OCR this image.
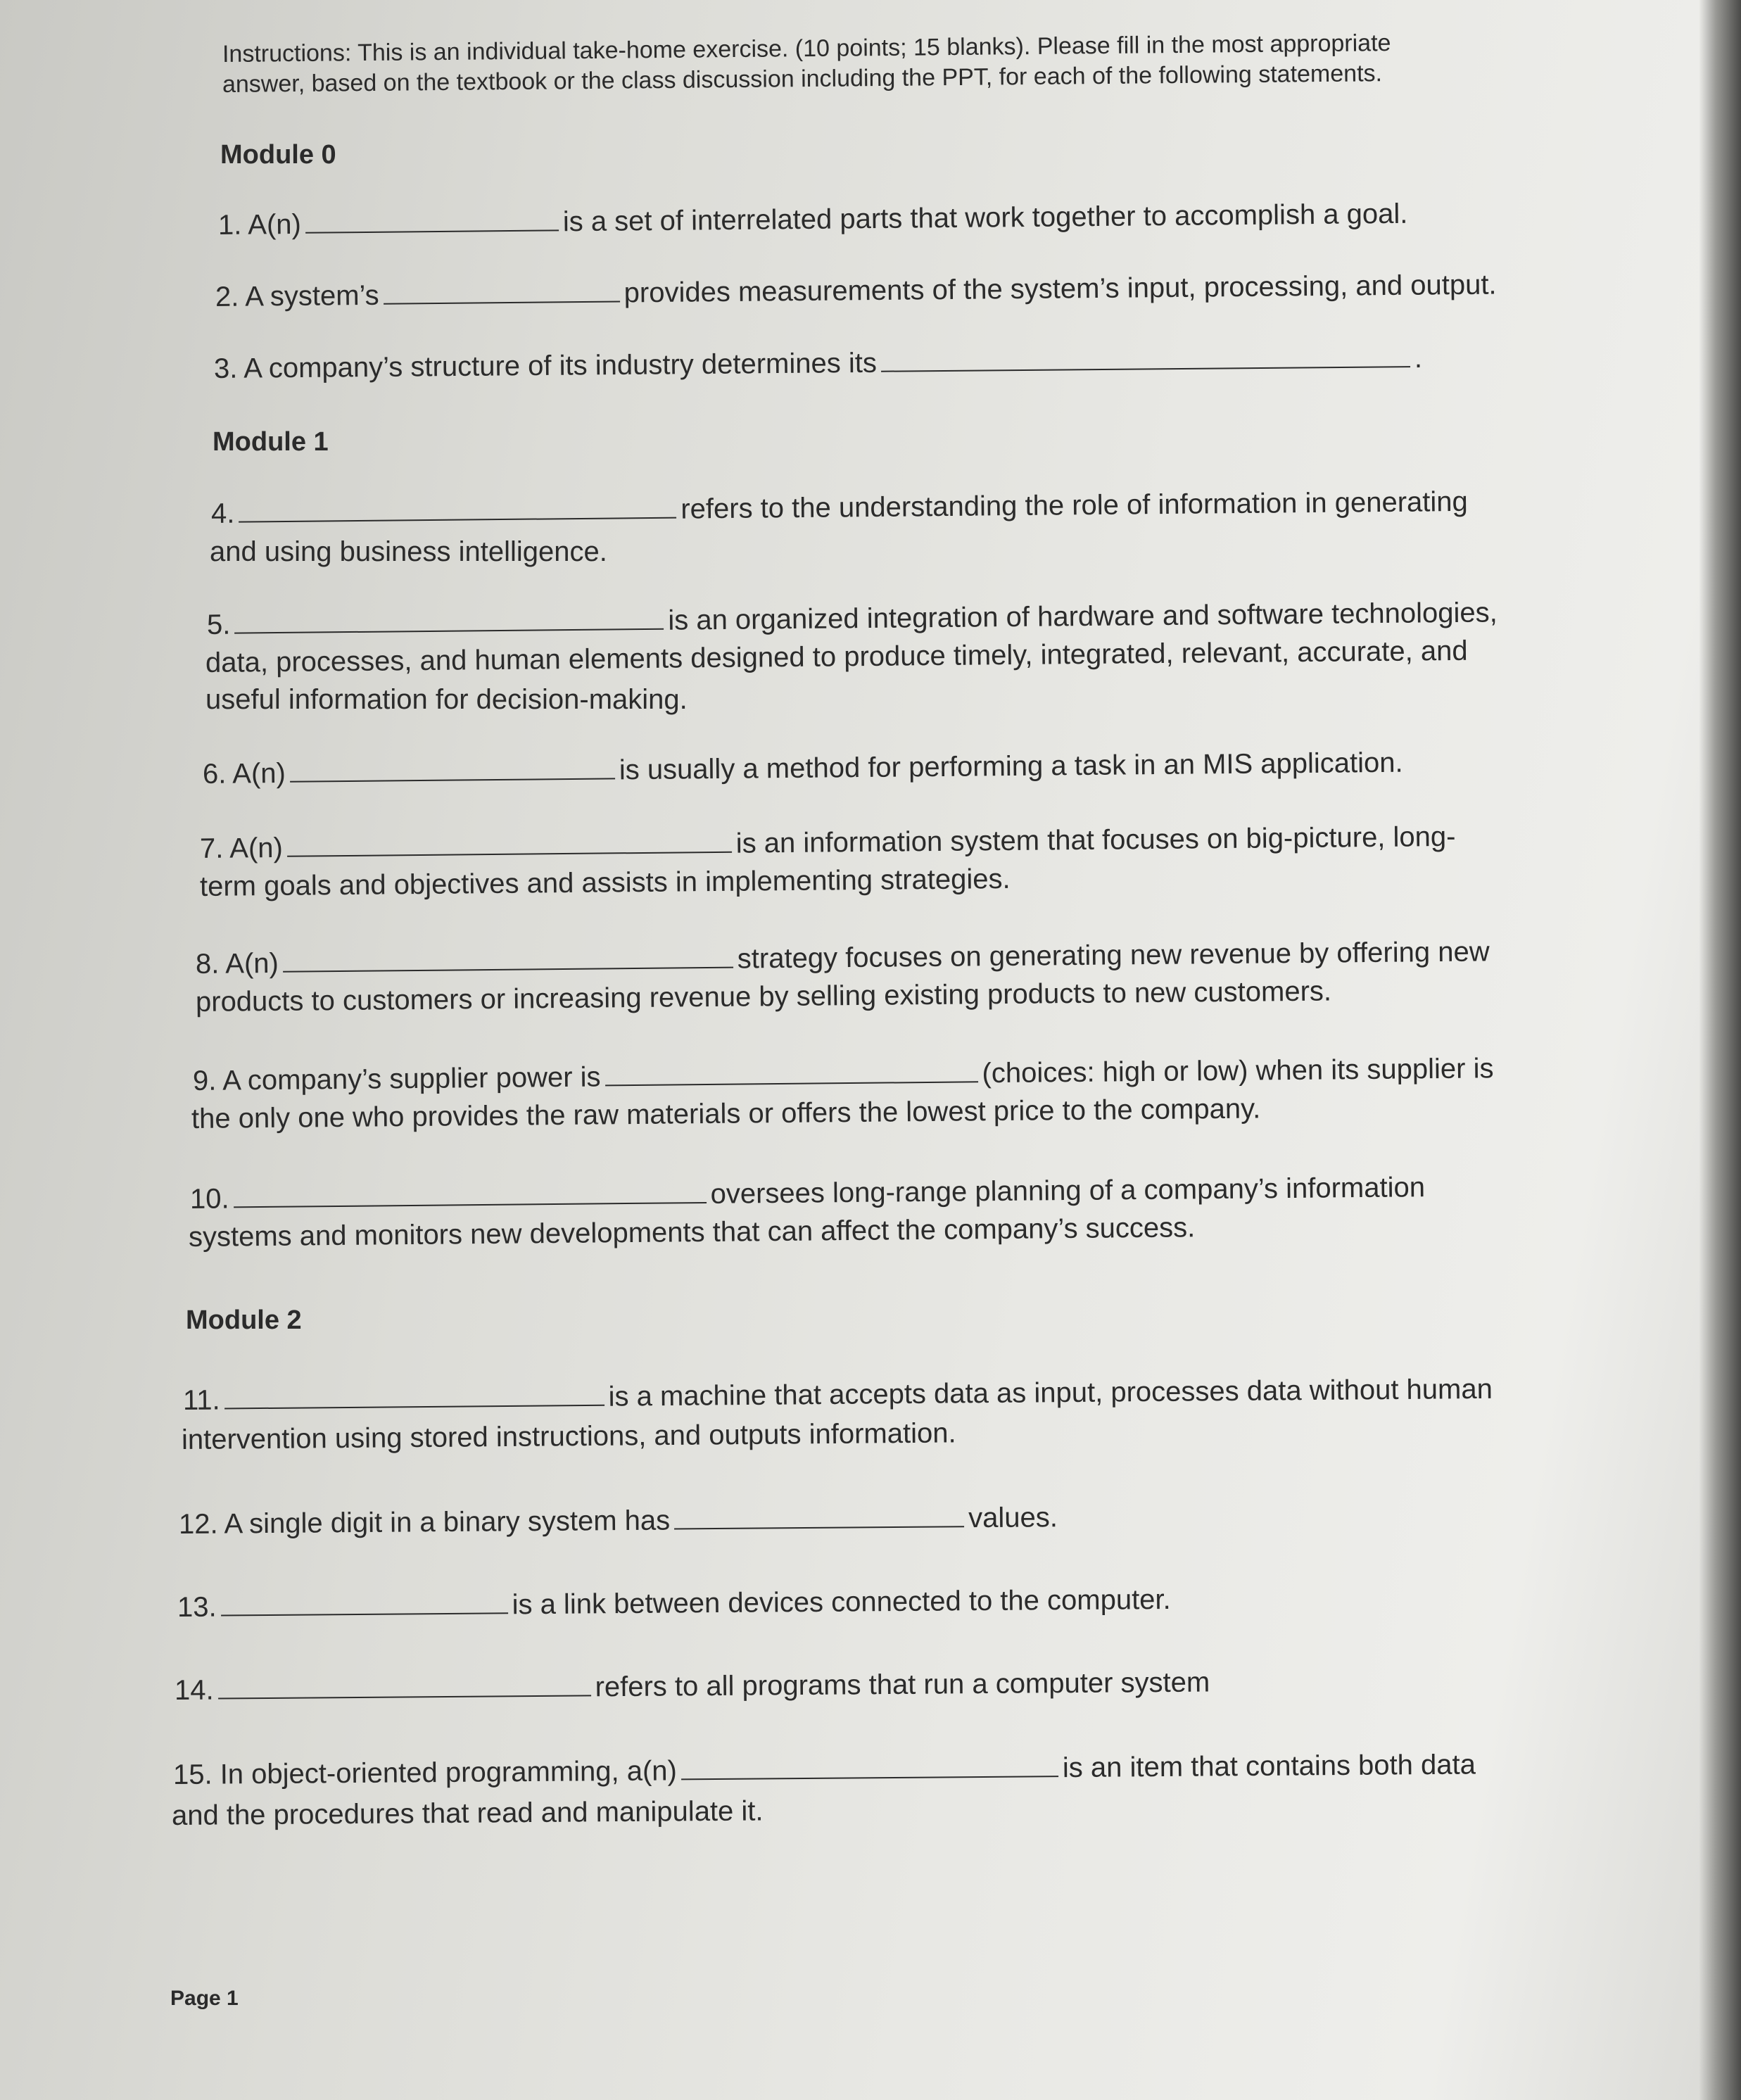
Instructions: This is an individual take-home exercise. (10 points; 15 blanks). Please fill in the most appropriate
answer, based on the textbook or the class discussion including the PPT, for each of the following statements.
Module 0
1. A(n)	is a set of interrelated parts that work together to accomplish a goal.
2. A system’s	provides measurements of the system’s input, processing, and output.
3. A company’s structure of its industry determines its	.
Module 1
4.	refers to the understanding the role of information in generating
and using business intelligence.
5.	is an organized integration of hardware and software technologies,
data, processes, and human elements designed to produce timely, integrated, relevant, accurate, and
useful information for decision-making.
6. A(n)	is usually a method for performing a task in an MIS application.
7. A(n)	is an information system that focuses on big-picture, long-
term goals and objectives and assists in implementing strategies.
8. A(n)	strategy focuses on generating new revenue by offering new
products to customers or increasing revenue by selling existing products to new customers.
9. A company’s supplier power is	(choices: high or low) when its supplier is
the only one who provides the raw materials or offers the lowest price to the company.
10.	oversees long-range planning of a company’s information
systems and monitors new developments that can affect the company’s success.
Module 2
11.	is a machine that accepts data as input, processes data without human
intervention using stored instructions, and outputs information.
12. A single digit in a binary system has	values.
13.	is a link between devices connected to the computer.
14.	refers to all programs that run a computer system
15. In object-oriented programming, a(n)	is an item that contains both data
and the procedures that read and manipulate it.
Page 1
